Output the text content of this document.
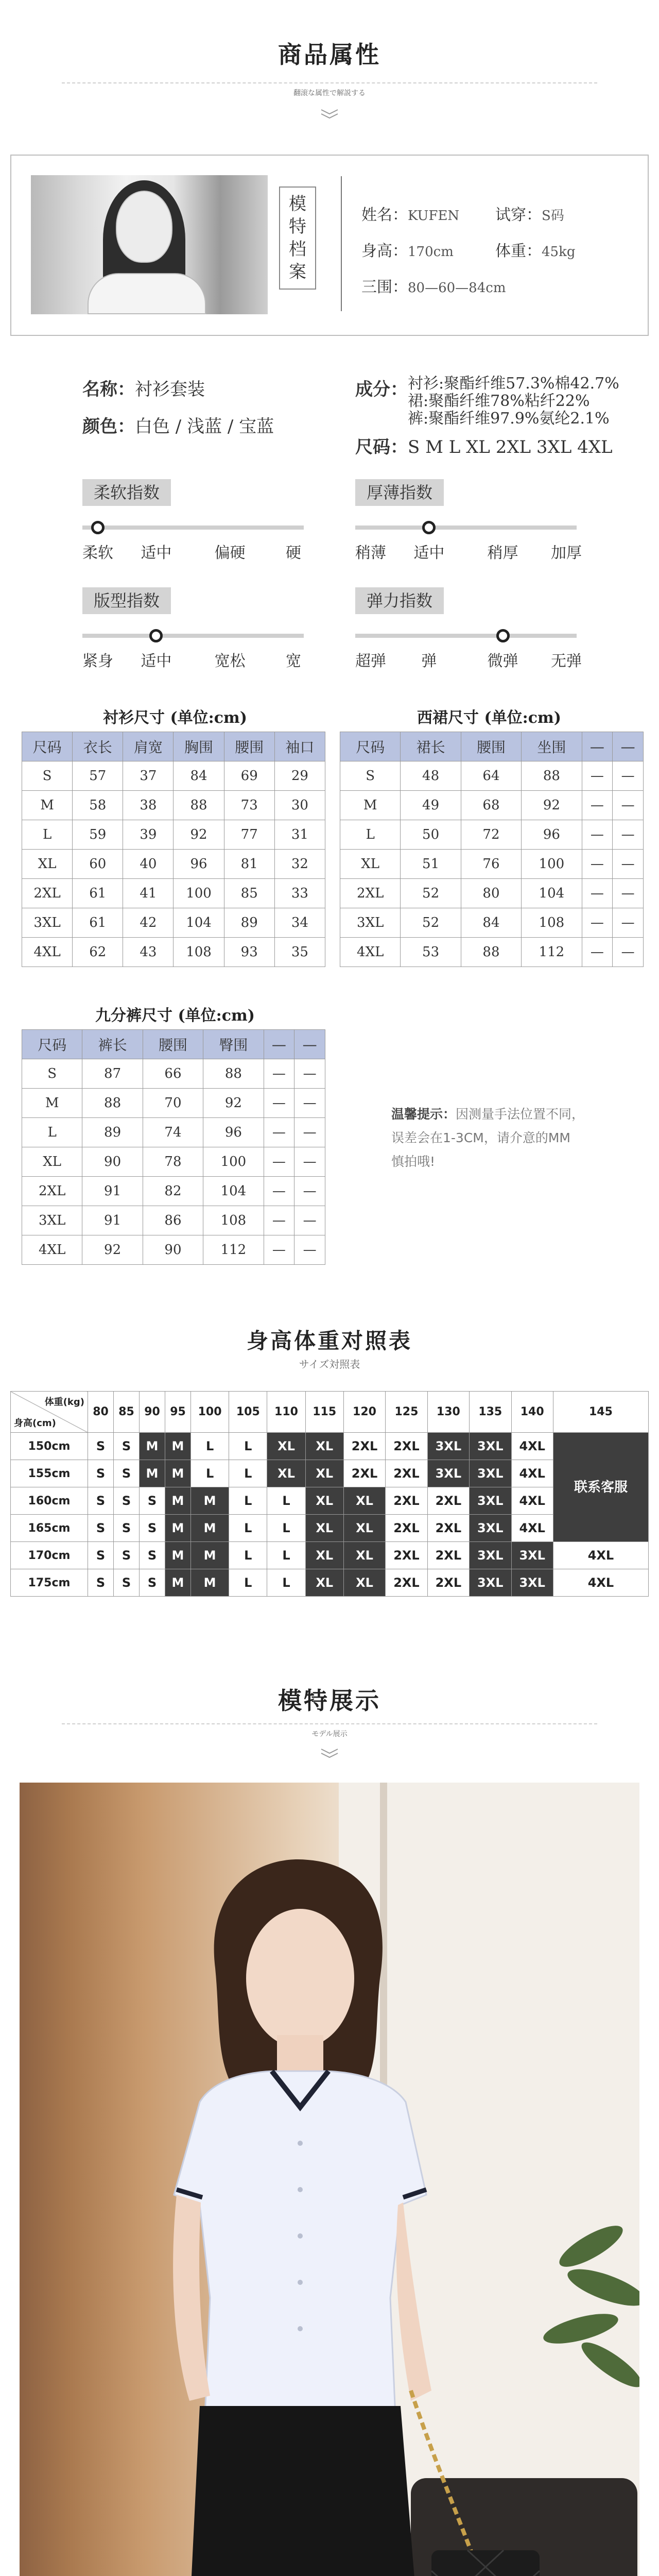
商品属性
翻滚な属性で解説する
模
特
档
案
姓名：KUFEN 试穿：S码
身高：170cm	体重：45kg
三围：80—60—84cm
名称：衬衫套装
颜色：白色 / 浅蓝 / 宝蓝
成分： 衬衫:聚酯纤维57.3%棉42.7%
裙:聚酯纤维78%粘纤22%
裤:聚酯纤维97.9%氨纶2.1%
尺码：S M L XL 2XL 3XL 4XL
柔软指数
柔软	适中	偏硬	硬
厚薄指数
稍薄	适中	稍厚	加厚
版型指数
紧身	适中	宽松	宽
弹力指数
超弹	弹	微弹	无弹
衬衫尺寸 (单位:cm)
尺码	衣长	肩宽	胸围	腰围	袖口
S	57	37	84	69	29
M	58	38	88	73	30
L	59	39	92	77	31
XL	60	40	96	81	32
2XL	61	41	100	85	33
3XL	61	42	104	89	34
4XL	62	43	108	93	35
西裙尺寸 (单位:cm)
尺码	裙长	腰围	坐围	—	—
S	48	64	88	—	—
M	49	68	92	—	—
L	50	72	96	—	—
XL	51	76	100	—	—
2XL	52	80	104	—	—
3XL	52	84	108	—	—
4XL	53	88	112	—	—
九分裤尺寸 (单位:cm)
尺码	裤长	腰围	臀围	—	—
S	87	66	88	—	—
M	88	70	92	—	—
L	89	74	96	—	—
XL	90	78	100	—	—
2XL	91	82	104	—	—
3XL	91	86	108	—	—
4XL	92	90	112	—	—
温馨提示：因测量手法位置不同，
误差会在1-3CM，请介意的MM
慎拍哦!
身高体重对照表
サイズ対照表
体重(kg)
身高(cm)	80	85	90	95	100	105	110	115	120	125	130	135	140	145
150cm	S	S	M	M	L	L	XL	XL	2XL	2XL	3XL	3XL	4XL	联系客服
155cm	S	S	M	M	L	L	XL	XL	2XL	2XL	3XL	3XL	4XL	
160cm	S	S	S	M	M	L	L	XL	XL	2XL	2XL	3XL	4XL	
165cm	S	S	S	M	M	L	L	XL	XL	2XL	2XL	3XL	4XL	
170cm	S	S	S	M	M	L	L	XL	XL	2XL	2XL	3XL	3XL	4XL
175cm	S	S	S	M	M	L	L	XL	XL	2XL	2XL	3XL	3XL	4XL
模特展示
モデル展示
